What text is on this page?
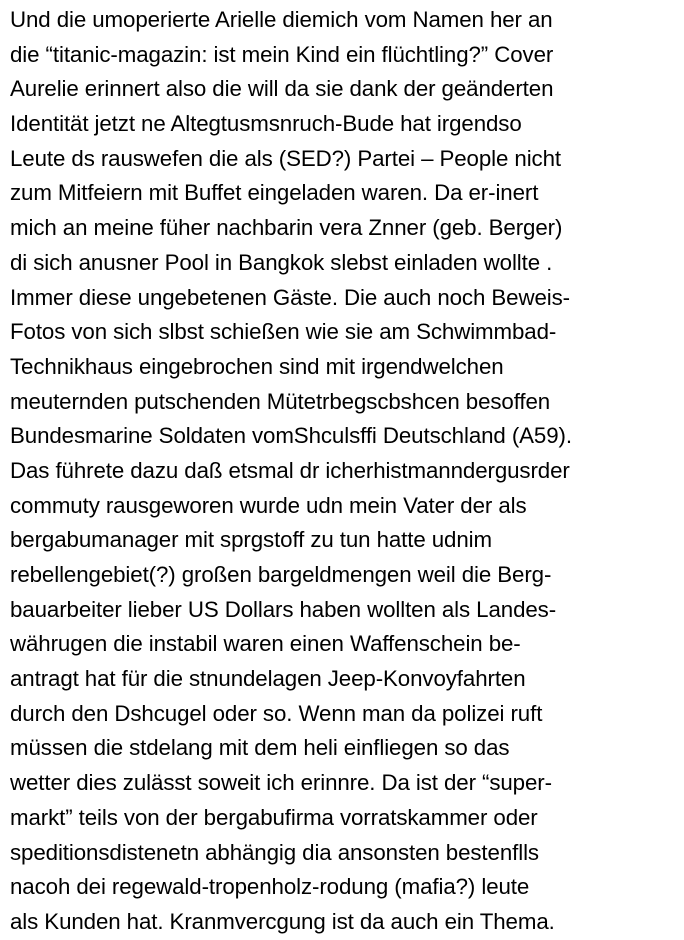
Und die umoperierte Arielle diemich vom Namen her an
die “titanic-magazin: ist mein Kind ein flüchtling?” Cover
Aurelie erinnert also die will da sie dank der geänderten
Identität jetzt ne Altegtusmsnruch-Bude hat irgendso
Leute ds rauswefen die als (SED?) Partei – People nicht
zum Mitfeiern mit Buffet eingeladen waren. Da er-inert
mich an meine füher nachbarin vera Znner (geb. Berger)
di sich anusner Pool in Bangkok slebst einladen wollte .
Immer diese ungebetenen Gäste. Die auch noch Beweis-
Fotos von sich slbst schießen wie sie am Schwimmbad-
Technikhaus eingebrochen sind mit irgendwelchen
meuternden putschenden Mütetrbegscbshcen besoffen
Bundesmarine Soldaten vomShculsffi Deutschland (A59).
Das führete dazu daß etsmal dr icherhistmanndergusrder
commuty rausgeworen wurde udn mein Vater der als
bergabumanager mit sprgstoff zu tun hatte udnim
rebellengebiet(?) großen bargeldmengen weil die Berg-
bauarbeiter lieber US Dollars haben wollten als Landes-
währugen die instabil waren einen Waffenschein be-
antragt hat für die stnundelagen Jeep-Konvoyfahrten
durch den Dshcugel oder so. Wenn man da polizei ruft
müssen die stdelang mit dem heli einfliegen so das
wetter dies zulässt soweit ich erinnre. Da ist der “super-
markt” teils von der bergabufirma vorratskammer oder
speditionsdistenetn abhängig dia ansonsten bestenflls
nacoh dei regewald-tropenholz-rodung (mafia?) leute
als Kunden hat. Kranmvercgung ist da auch ein Thema.
